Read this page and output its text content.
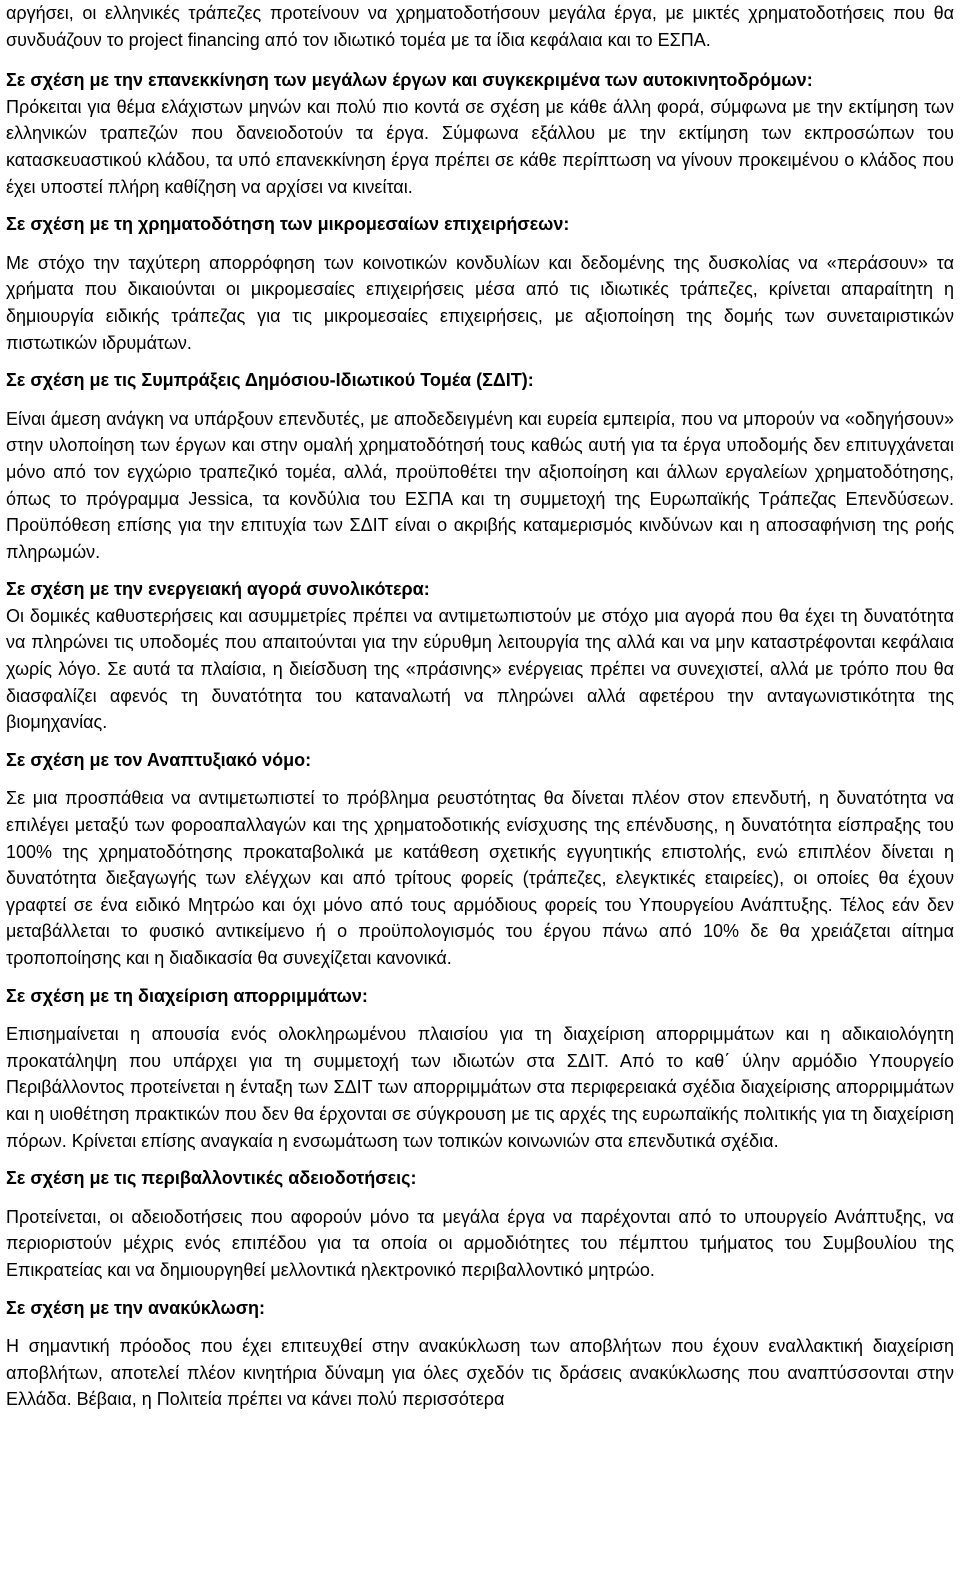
αργήσει, οι ελληνικές τράπεζες προτείνουν να χρηματοδοτήσουν μεγάλα έργα, με μικτές χρηματοδοτήσεις που θα συνδυάζουν το project financing από τον ιδιωτικό τομέα με τα ίδια κεφάλαια και το ΕΣΠΑ.

Σε σχέση με την επανεκκίνηση των μεγάλων έργων και συγκεκριμένα των αυτοκινητοδρόμων:

Πρόκειται για θέμα ελάχιστων μηνών και πολύ πιο κοντά σε σχέση με κάθε άλλη φορά, σύμφωνα με την εκτίμηση των ελληνικών τραπεζών που δανειοδοτούν τα έργα. Σύμφωνα εξάλλου με την εκτίμηση των εκπροσώπων του κατασκευαστικού κλάδου, τα υπό επανεκκίνηση έργα πρέπει σε κάθε περίπτωση να γίνουν προκειμένου ο κλάδος που έχει υποστεί πλήρη καθίζηση να αρχίσει να κινείται.

Σε σχέση με τη χρηματοδότηση των μικρομεσαίων επιχειρήσεων:

Με στόχο την ταχύτερη απορρόφηση των κοινοτικών κονδυλίων και δεδομένης της δυσκολίας να «περάσουν» τα χρήματα που δικαιούνται οι μικρομεσαίες επιχειρήσεις μέσα από τις ιδιωτικές τράπεζες, κρίνεται απαραίτητη η δημιουργία ειδικής τράπεζας για τις μικρομεσαίες επιχειρήσεις, με αξιοποίηση της δομής των συνεταιριστικών πιστωτικών ιδρυμάτων.

Σε σχέση με τις Συμπράξεις Δημόσιου-Ιδιωτικού Τομέα (ΣΔΙΤ):

Είναι άμεση ανάγκη να υπάρξουν επενδυτές, με αποδεδειγμένη και ευρεία εμπειρία, που να μπορούν να «οδηγήσουν» στην υλοποίηση των έργων και στην ομαλή χρηματοδότησή τους καθώς αυτή για τα έργα υποδομής δεν επιτυγχάνεται μόνο από τον εγχώριο τραπεζικό τομέα, αλλά, προϋποθέτει την αξιοποίηση και άλλων εργαλείων χρηματοδότησης, όπως το πρόγραμμα Jessica, τα κονδύλια του ΕΣΠΑ και τη συμμετοχή της Ευρωπαϊκής Τράπεζας Επενδύσεων. Προϋπόθεση επίσης για την επιτυχία των ΣΔΙΤ είναι ο ακριβής καταμερισμός κινδύνων και η αποσαφήνιση της ροής πληρωμών.

Σε σχέση με την ενεργειακή αγορά συνολικότερα:

Οι δομικές καθυστερήσεις και ασυμμετρίες πρέπει να αντιμετωπιστούν με στόχο μια αγορά που θα έχει τη δυνατότητα να πληρώνει τις υποδομές που απαιτούνται για την εύρυθμη λειτουργία της αλλά και να μην καταστρέφονται κεφάλαια χωρίς λόγο. Σε αυτά τα πλαίσια, η διείσδυση της «πράσινης» ενέργειας πρέπει να συνεχιστεί, αλλά με τρόπο που θα διασφαλίζει αφενός τη δυνατότητα του καταναλωτή να πληρώνει αλλά αφετέρου την ανταγωνιστικότητα της βιομηχανίας.

Σε σχέση με τον Αναπτυξιακό νόμο:

Σε μια προσπάθεια να αντιμετωπιστεί το πρόβλημα ρευστότητας θα δίνεται πλέον στον επενδυτή, η δυνατότητα να επιλέγει μεταξύ των φοροαπαλλαγών και της χρηματοδοτικής ενίσχυσης της επένδυσης, η δυνατότητα είσπραξης του 100% της χρηματοδότησης προκαταβολικά με κατάθεση σχετικής εγγυητικής επιστολής, ενώ επιπλέον δίνεται η δυνατότητα διεξαγωγής των ελέγχων και από τρίτους φορείς (τράπεζες, ελεγκτικές εταιρείες), οι οποίες θα έχουν γραφτεί σε ένα ειδικό Μητρώο και όχι μόνο από τους αρμόδιους φορείς του Υπουργείου Ανάπτυξης. Τέλος εάν δεν μεταβάλλεται το φυσικό αντικείμενο ή ο προϋπολογισμός του έργου πάνω από 10% δε θα χρειάζεται αίτημα τροποποίησης και η διαδικασία θα συνεχίζεται κανονικά.

Σε σχέση με τη διαχείριση απορριμμάτων:

Επισημαίνεται η απουσία ενός ολοκληρωμένου πλαισίου για τη διαχείριση απορριμμάτων και η αδικαιολόγητη προκατάληψη που υπάρχει για τη συμμετοχή των ιδιωτών στα ΣΔΙΤ. Από το καθ΄ ύλην αρμόδιο Υπουργείο Περιβάλλοντος προτείνεται η ένταξη των ΣΔΙΤ των απορριμμάτων στα περιφερειακά σχέδια διαχείρισης απορριμμάτων και η υιοθέτηση πρακτικών που δεν θα έρχονται σε σύγκρουση με τις αρχές της ευρωπαϊκής πολιτικής για τη διαχείριση πόρων. Κρίνεται επίσης αναγκαία η ενσωμάτωση των τοπικών κοινωνιών στα επενδυτικά σχέδια.

Σε σχέση με τις περιβαλλοντικές αδειοδοτήσεις:

Προτείνεται, οι αδειοδοτήσεις που αφορούν μόνο τα μεγάλα έργα να παρέχονται από το υπουργείο Ανάπτυξης, να περιοριστούν μέχρις ενός επιπέδου για τα οποία οι αρμοδιότητες του πέμπτου τμήματος του Συμβουλίου της Επικρατείας και να δημιουργηθεί μελλοντικά ηλεκτρονικό περιβαλλοντικό μητρώο.

Σε σχέση με την ανακύκλωση:

Η σημαντική πρόοδος που έχει επιτευχθεί στην ανακύκλωση των αποβλήτων που έχουν εναλλακτική διαχείριση αποβλήτων, αποτελεί πλέον κινητήρια δύναμη για όλες σχεδόν τις δράσεις ανακύκλωσης που αναπτύσσονται στην Ελλάδα. Βέβαια, η Πολιτεία πρέπει να κάνει πολύ περισσότερα
